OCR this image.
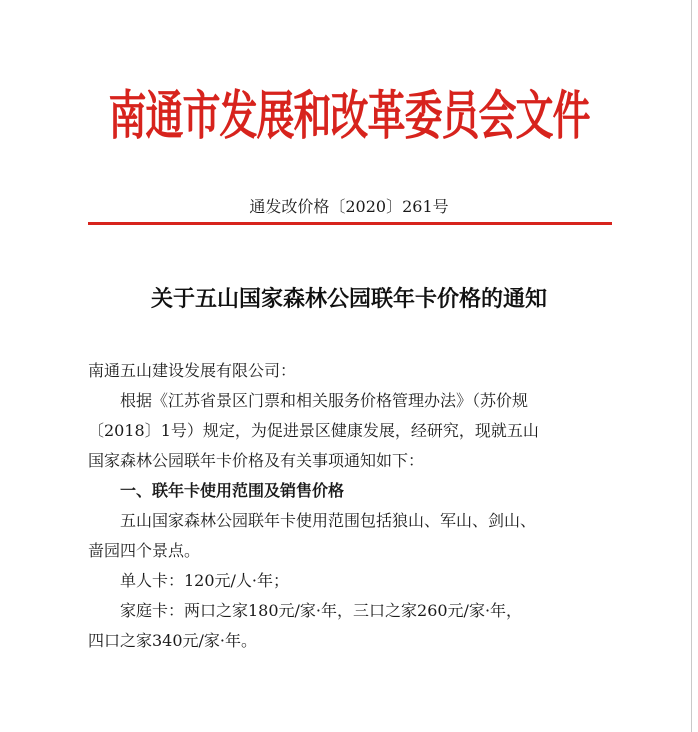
南通市发展和改革委员会文件
通发改价格〔2020〕261号
关于五山国家森林公园联年卡价格的通知

南通五山建设发展有限公司：

根据《江苏省景区门票和相关服务价格管理办法》（苏价规

〔2018〕1号）规定，为促进景区健康发展，经研究，现就五山

国家森林公园联年卡价格及有关事项通知如下：

一、联年卡使用范围及销售价格

五山国家森林公园联年卡使用范围包括狼山、军山、剑山、

啬园四个景点。

单人卡：120元/人·年；

家庭卡：两口之家180元/家·年，三口之家260元/家·年，

四口之家340元/家·年。
